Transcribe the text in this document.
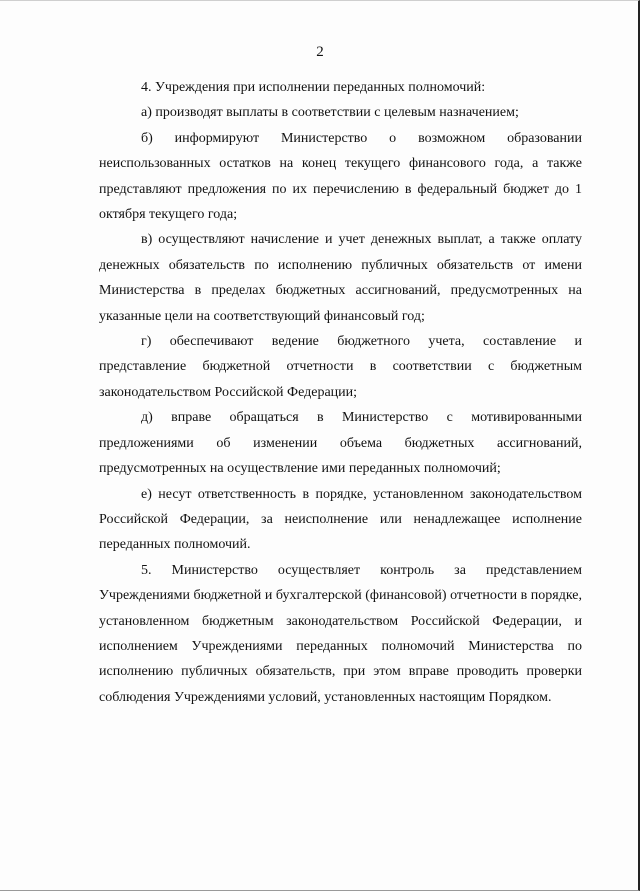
2

4. Учреждения при исполнении переданных полномочий:

а) производят выплаты в соответствии с целевым назначением;

б) информируют Министерство о возможном образовании неиспользованных остатков на конец текущего финансового года, а также представляют предложения по их перечислению в федеральный бюджет до 1 октября текущего года;

в) осуществляют начисление и учет денежных выплат, а также оплату денежных обязательств по исполнению публичных обязательств от имени Министерства в пределах бюджетных ассигнований, предусмотренных на указанные цели на соответствующий финансовый год;

г) обеспечивают ведение бюджетного учета, составление и представление бюджетной отчетности в соответствии с бюджетным законодательством Российской Федерации;

д) вправе обращаться в Министерство с мотивированными предложениями об изменении объема бюджетных ассигнований, предусмотренных на осуществление ими переданных полномочий;

е) несут ответственность в порядке, установленном законодательством Российской Федерации, за неисполнение или ненадлежащее исполнение переданных полномочий.

5. Министерство осуществляет контроль за представлением Учреждениями бюджетной и бухгалтерской (финансовой) отчетности в порядке, установленном бюджетным законодательством Российской Федерации, и исполнением Учреждениями переданных полномочий Министерства по исполнению публичных обязательств, при этом вправе проводить проверки соблюдения Учреждениями условий, установленных настоящим Порядком.
